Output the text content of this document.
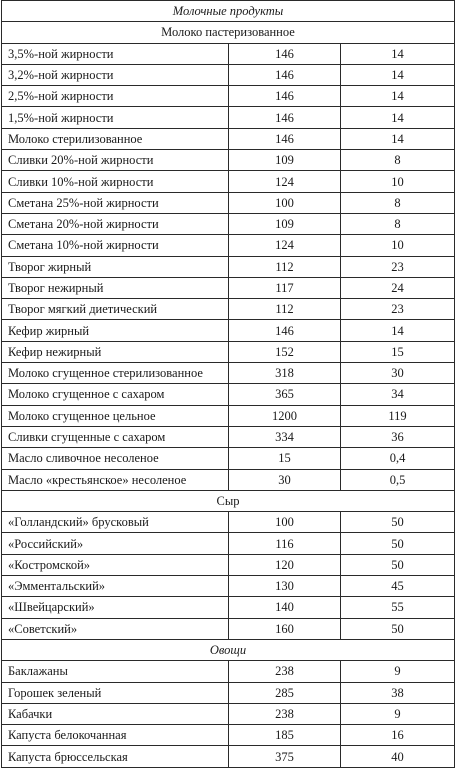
Молочные продукты		
Молоко пастеризованное		
3,5%-ной жирности	146	14
3,2%-ной жирности	146	14
2,5%-ной жирности	146	14
1,5%-ной жирности	146	14
Молоко стерилизованное	146	14
Сливки 20%-ной жирности	109	8
Сливки 10%-ной жирности	124	10
Сметана 25%-ной жирности	100	8
Сметана 20%-ной жирности	109	8
Сметана 10%-ной жирности	124	10
Творог жирный	112	23
Творог нежирный	117	24
Творог мягкий диетический	112	23
Кефир жирный	146	14
Кефир нежирный	152	15
Молоко сгущенное стерилизованное	318	30
Молоко сгущенное с сахаром	365	34
Молоко сгущенное цельное	1200	119
Сливки сгущенные с сахаром	334	36
Масло сливочное несоленое	15	0,4
Масло «крестьянское» несоленое	30	0,5
Сыр		
«Голландский» брусковый	100	50
«Российский»	116	50
«Костромской»	120	50
«Эмментальский»	130	45
«Швейцарский»	140	55
«Советский»	160	50
Овощи		
Баклажаны	238	9
Горошек зеленый	285	38
Кабачки	238	9
Капуста белокочанная	185	16
Капуста брюссельская	375	40
